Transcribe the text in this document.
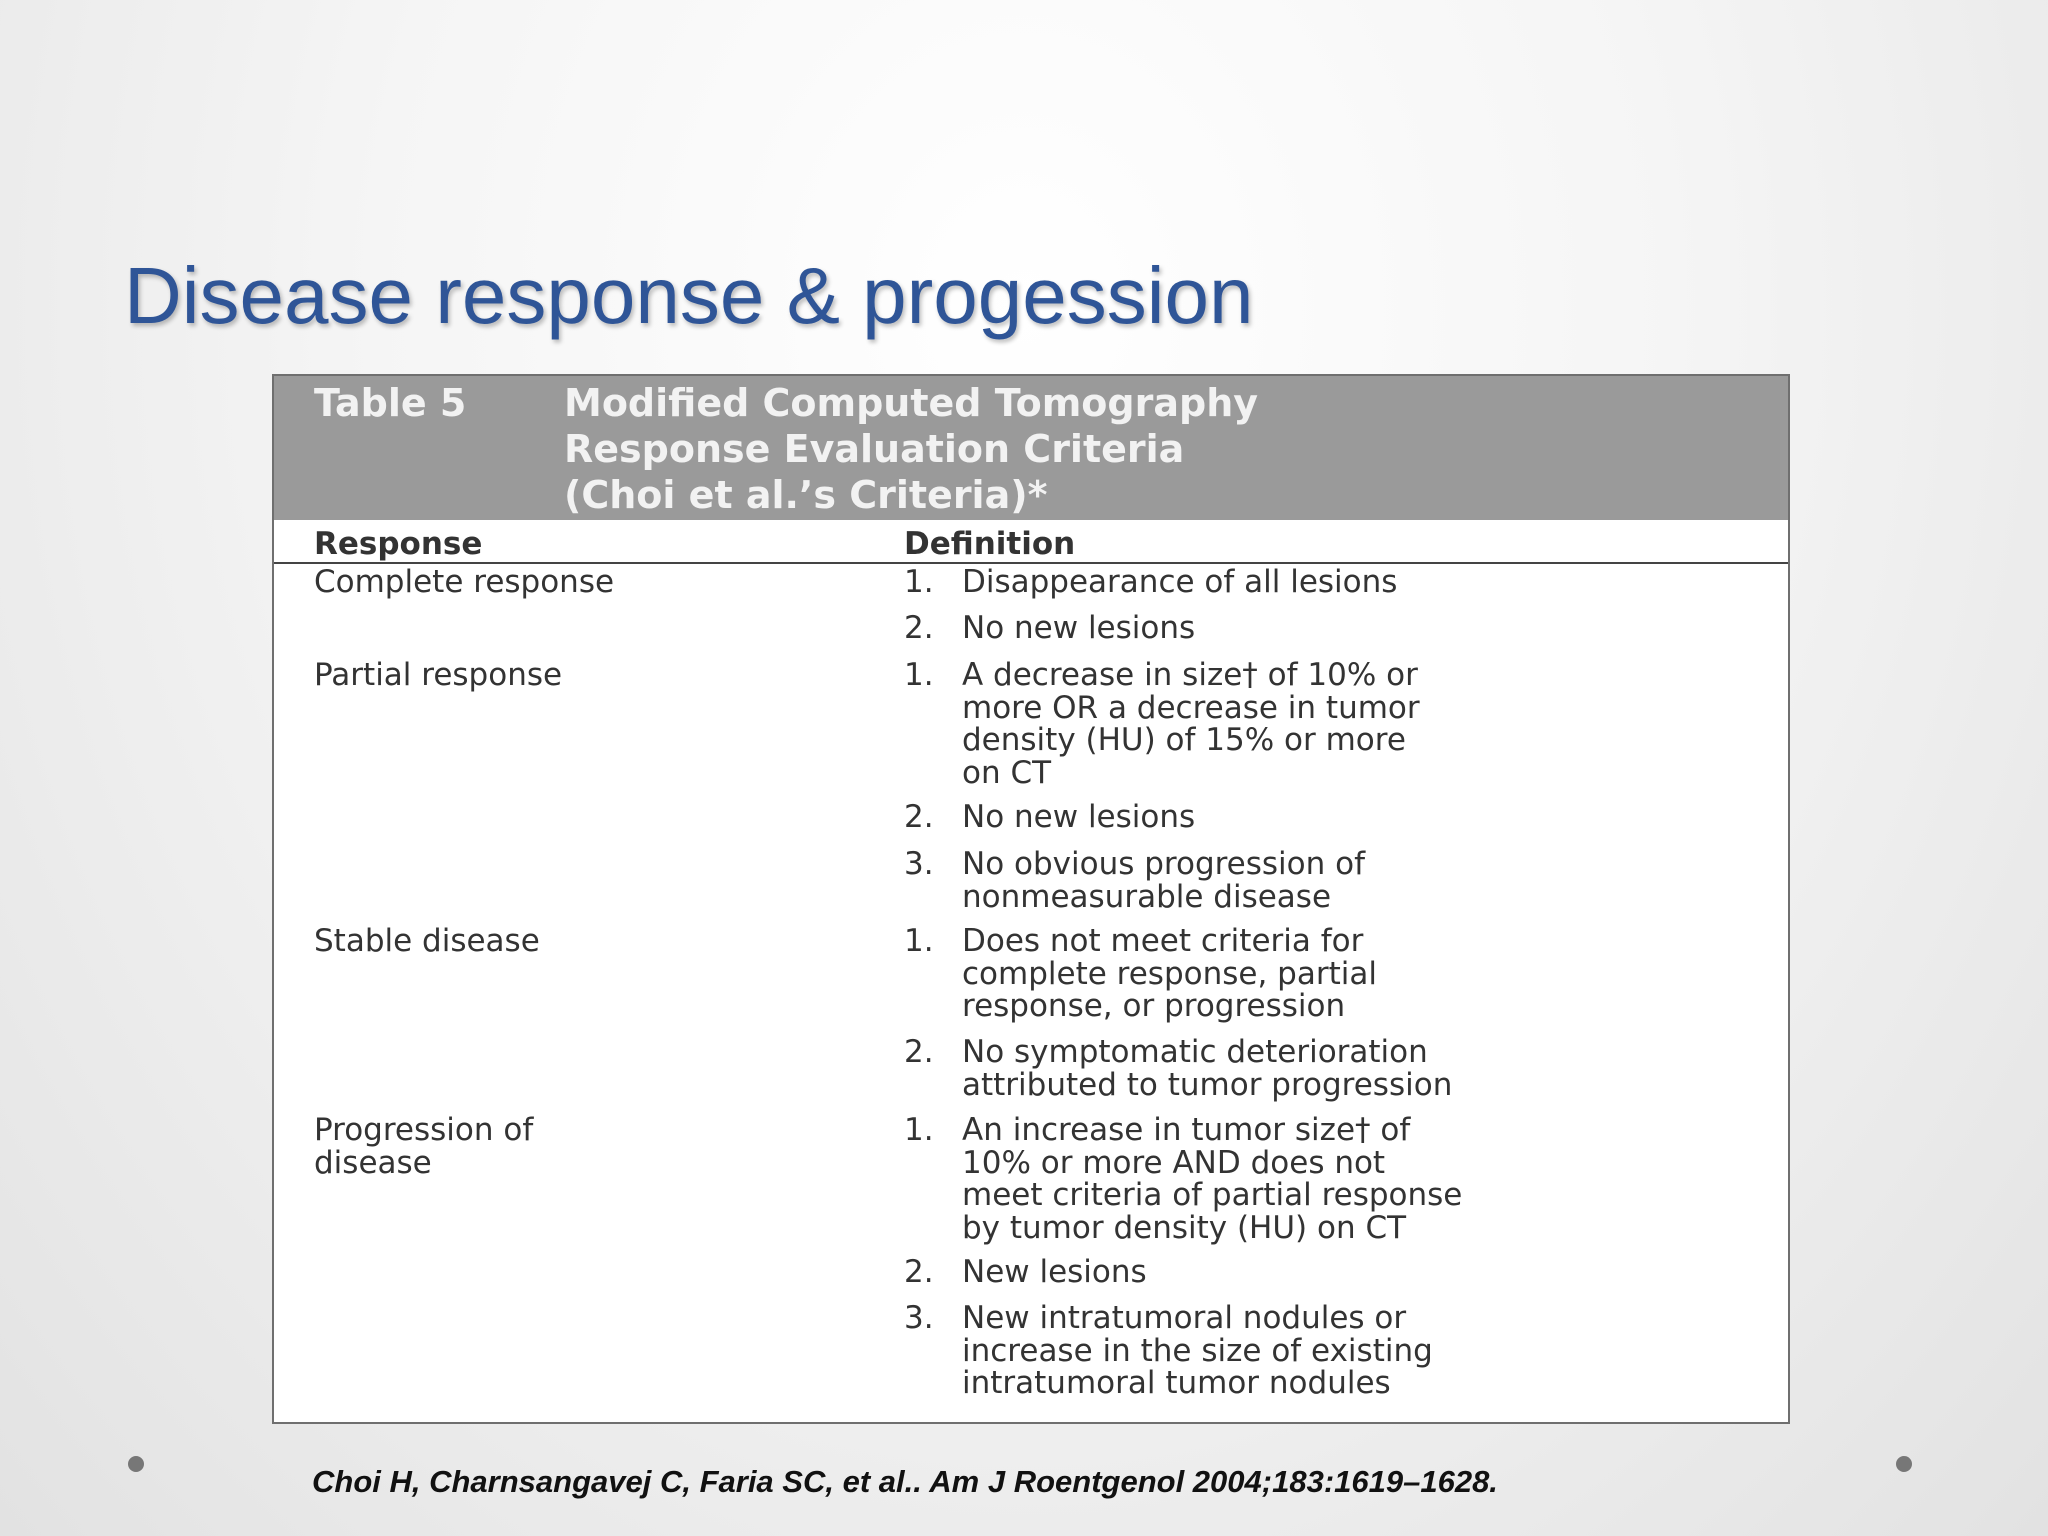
Disease response & progession
Table 5	Modified Computed Tomography
Response Evaluation Criteria
(Choi et al.’s Criteria)*
Response	Definition
Complete response	1. Disappearance of all lesions
2. No new lesions
Partial response	1. A decrease in size† of 10% or
more OR a decrease in tumor
density (HU) of 15% or more
on CT
2. No new lesions
3. No obvious progression of
nonmeasurable disease
Stable disease	1. Does not meet criteria for
complete response, partial
response, or progression
2. No symptomatic deterioration
attributed to tumor progression
Progression of
disease
1. An increase in tumor size† of
10% or more AND does not
meet criteria of partial response
by tumor density (HU) on CT
2. New lesions
3. New intratumoral nodules or
increase in the size of existing
intratumoral tumor nodules
Choi H, Charnsangavej C, Faria SC, et al.. Am J Roentgenol 2004;183:1619–1628.
